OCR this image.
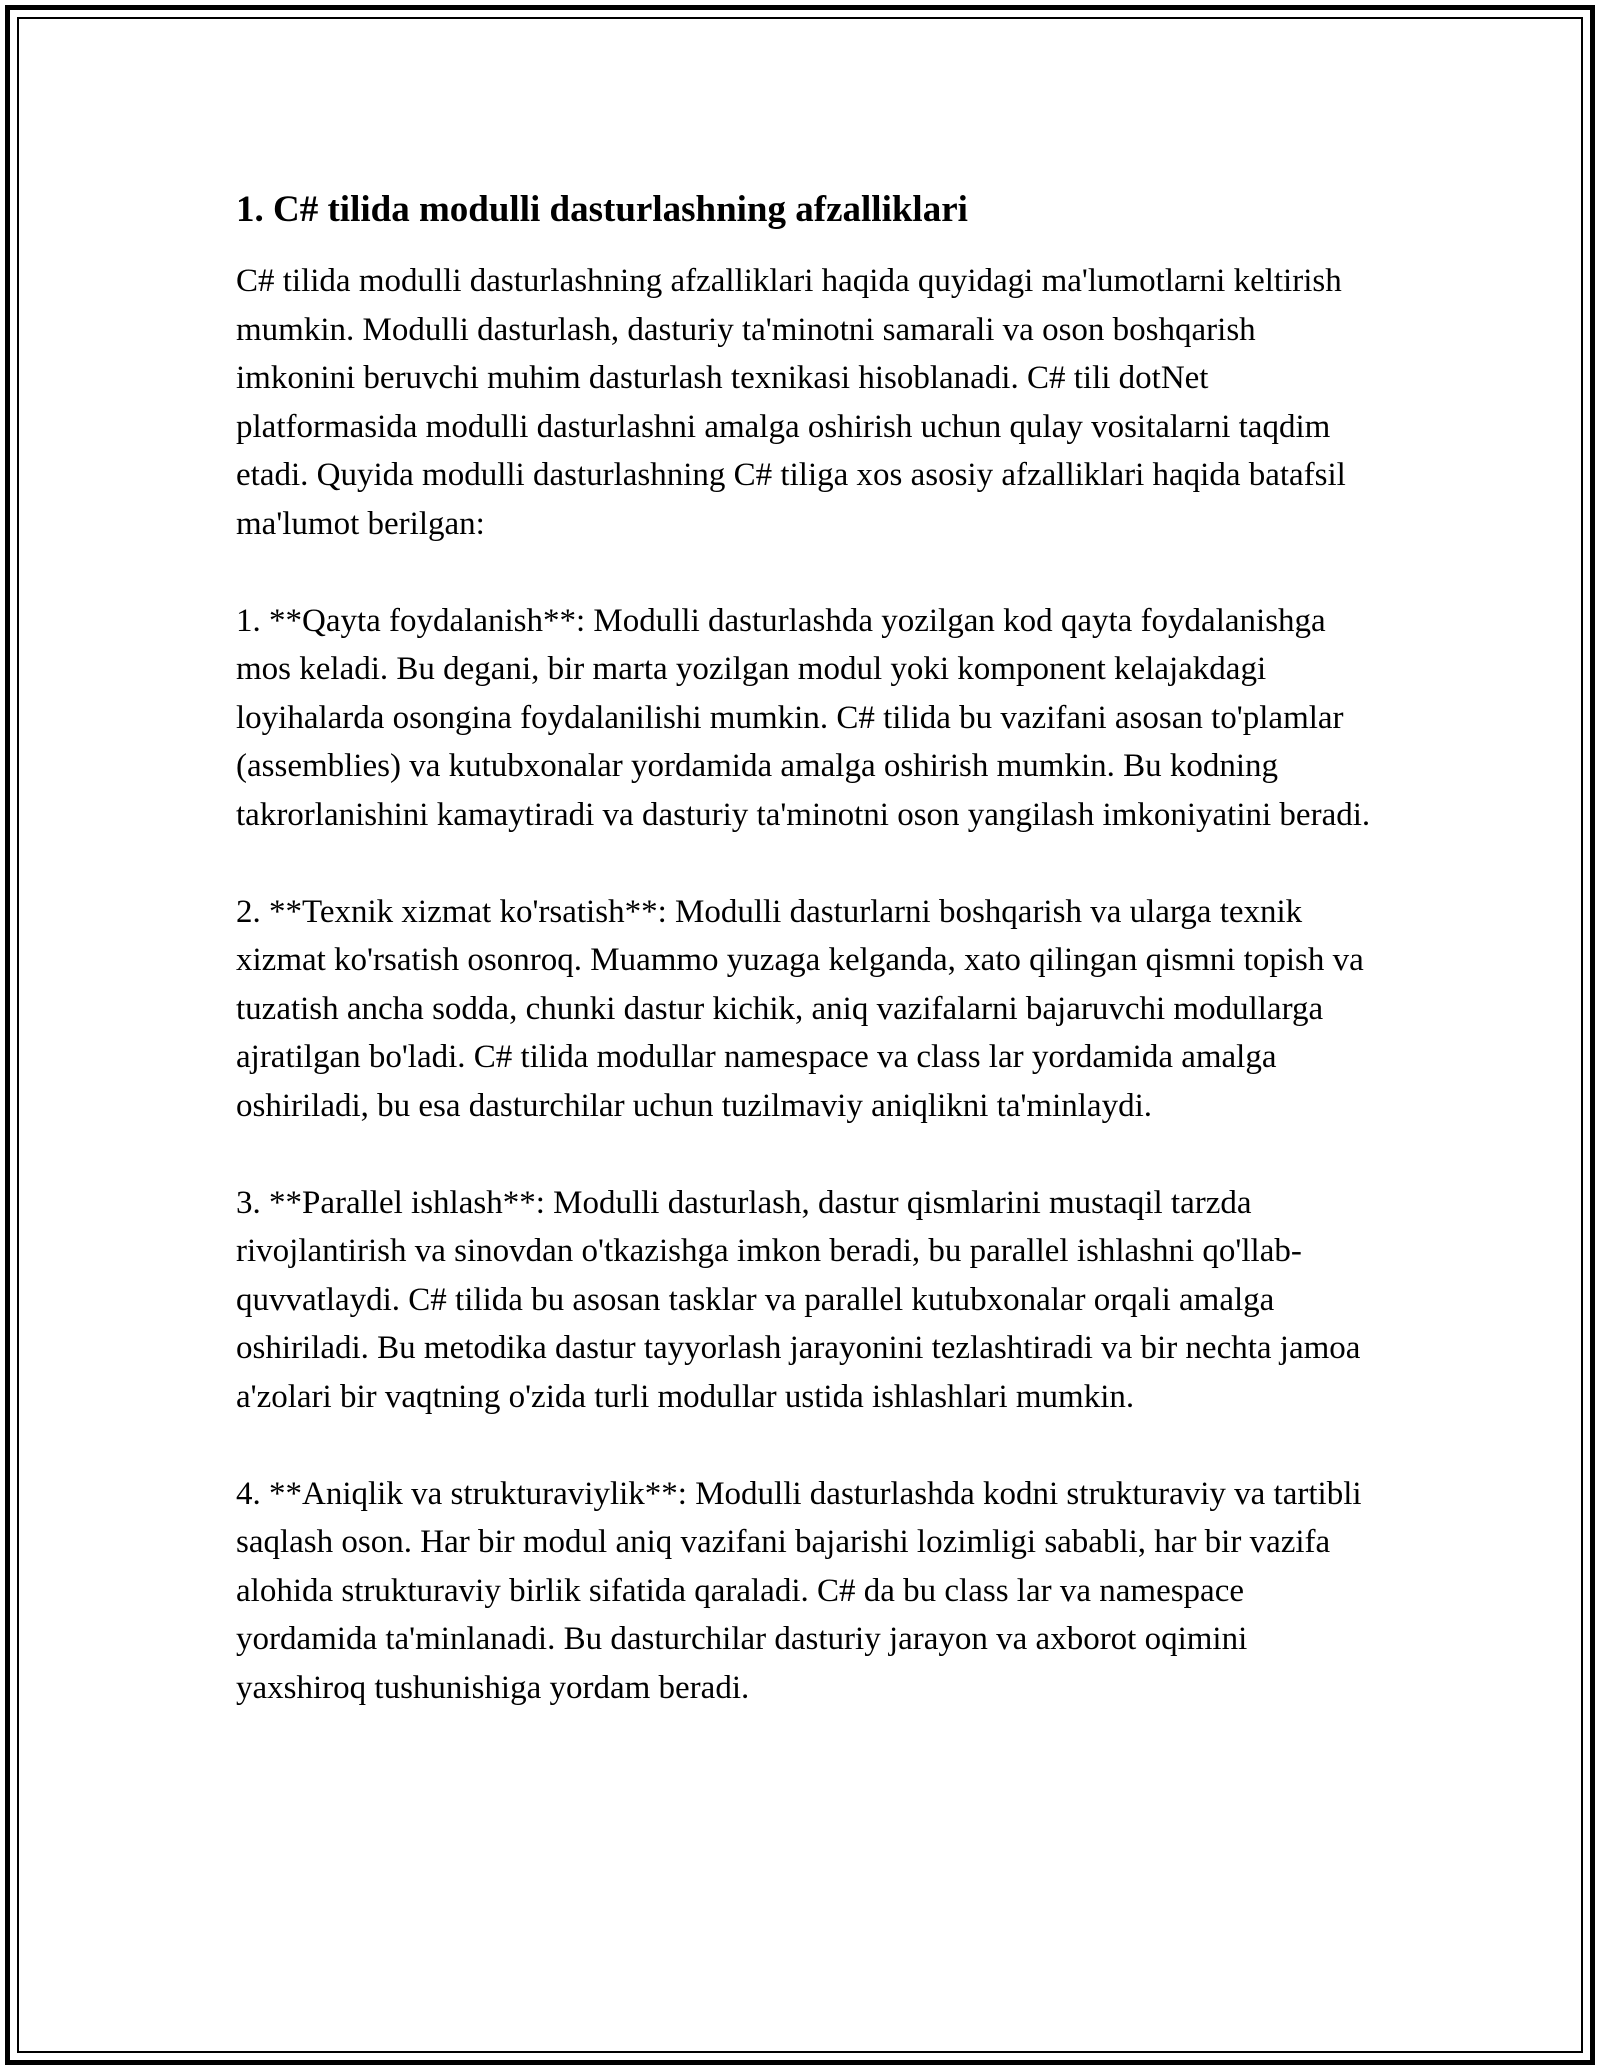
1. C# tilida modulli dasturlashning afzalliklari

C# tilida modulli dasturlashning afzalliklari haqida quyidagi ma'lumotlarni keltirish mumkin. Modulli dasturlash, dasturiy ta'minotni samarali va oson boshqarish imkonini beruvchi muhim dasturlash texnikasi hisoblanadi. C# tili dotNet platformasida modulli dasturlashni amalga oshirish uchun qulay vositalarni taqdim etadi. Quyida modulli dasturlashning C# tiliga xos asosiy afzalliklari haqida batafsil ma'lumot berilgan:

1. **Qayta foydalanish**: Modulli dasturlashda yozilgan kod qayta foydalanishga mos keladi. Bu degani, bir marta yozilgan modul yoki komponent kelajakdagi loyihalarda osongina foydalanilishi mumkin. C# tilida bu vazifani asosan to'plamlar (assemblies) va kutubxonalar yordamida amalga oshirish mumkin. Bu kodning takrorlanishini kamaytiradi va dasturiy ta'minotni oson yangilash imkoniyatini beradi.

2. **Texnik xizmat ko'rsatish**: Modulli dasturlarni boshqarish va ularga texnik xizmat ko'rsatish osonroq. Muammo yuzaga kelganda, xato qilingan qismni topish va tuzatish ancha sodda, chunki dastur kichik, aniq vazifalarni bajaruvchi modullarga ajratilgan bo'ladi. C# tilida modullar namespace va class lar yordamida amalga oshiriladi, bu esa dasturchilar uchun tuzilmaviy aniqlikni ta'minlaydi.

3. **Parallel ishlash**: Modulli dasturlash, dastur qismlarini mustaqil tarzda rivojlantirish va sinovdan o'tkazishga imkon beradi, bu parallel ishlashni qo'llab-quvvatlaydi. C# tilida bu asosan tasklar va parallel kutubxonalar orqali amalga oshiriladi. Bu metodika dastur tayyorlash jarayonini tezlashtiradi va bir nechta jamoa a'zolari bir vaqtning o'zida turli modullar ustida ishlashlari mumkin.

4. **Aniqlik va strukturaviylik**: Modulli dasturlashda kodni strukturaviy va tartibli saqlash oson. Har bir modul aniq vazifani bajarishi lozimligi sababli, har bir vazifa alohida strukturaviy birlik sifatida qaraladi. C# da bu class lar va namespace yordamida ta'minlanadi. Bu dasturchilar dasturiy jarayon va axborot oqimini yaxshiroq tushunishiga yordam beradi.
